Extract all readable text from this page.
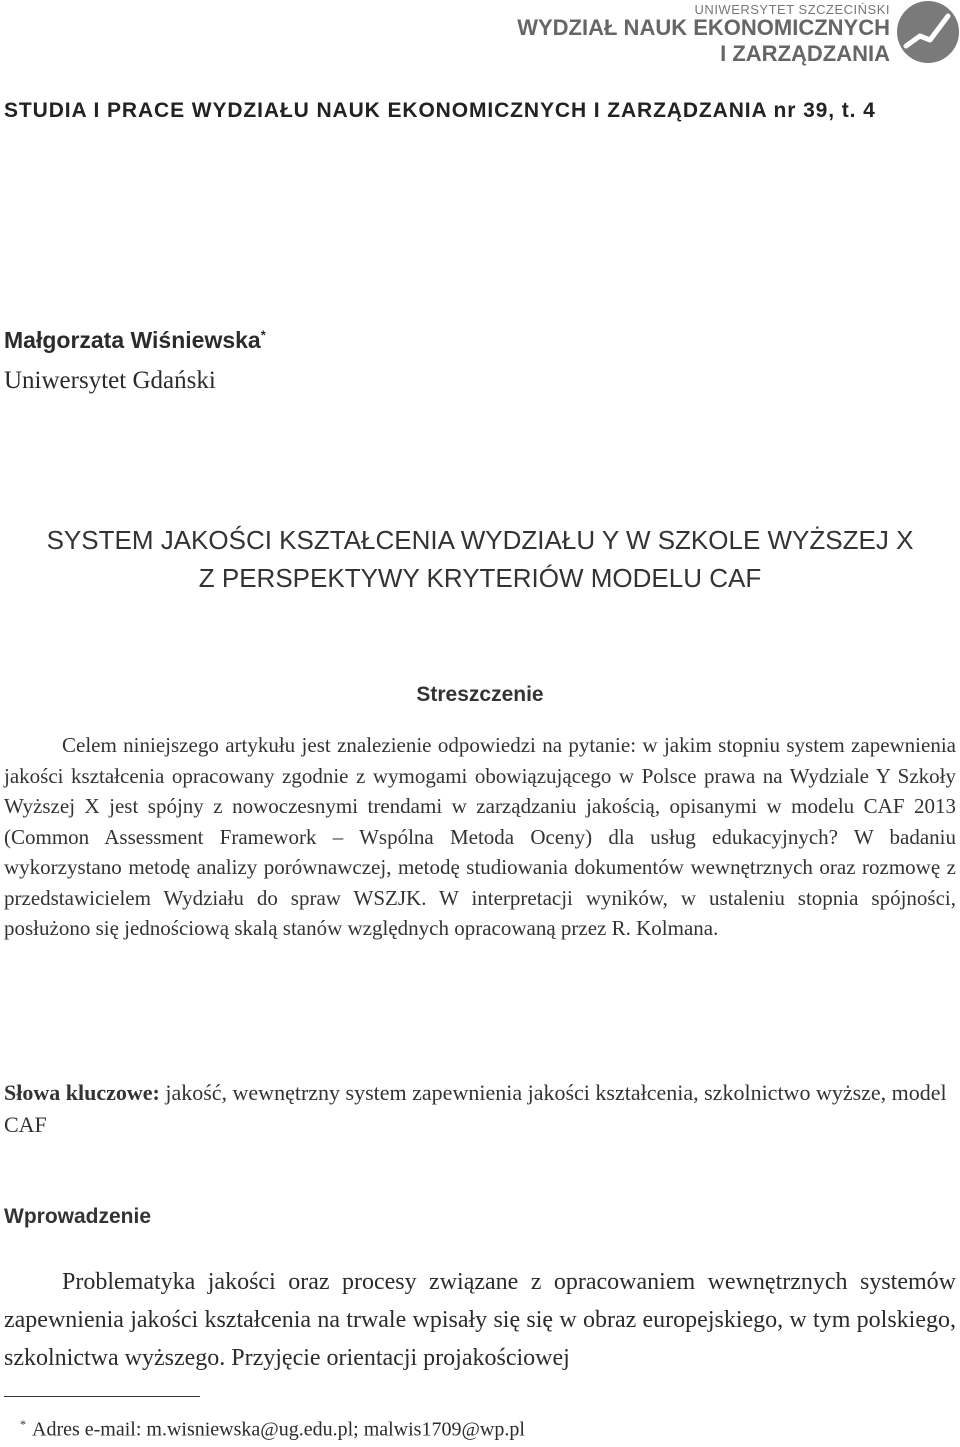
UNIWERSYTET SZCZECIŃSKI
WYDZIAŁ NAUK EKONOMICZNYCH
I ZARZĄDZANIA
STUDIA I PRACE WYDZIAŁU NAUK EKONOMICZNYCH I ZARZĄDZANIA nr 39, t. 4
Małgorzata Wiśniewska*
Uniwersytet Gdański
SYSTEM JAKOŚCI KSZTAŁCENIA WYDZIAŁU Y W SZKOLE WYŻSZEJ X
Z PERSPEKTYWY KRYTERIÓW MODELU CAF
Streszczenie

Celem niniejszego artykułu jest znalezienie odpowiedzi na pytanie: w jakim stopniu system zapewnienia jakości kształcenia opracowany zgodnie z wymogami obowiązującego w Polsce prawa na Wydziale Y Szkoły Wyższej X jest spójny z nowoczesnymi trendami w zarządzaniu jakością, opisanymi w modelu CAF 2013 (Common Assessment Framework – Wspólna Metoda Oceny) dla usług edukacyjnych? W badaniu wykorzystano metodę analizy porównawczej, metodę studiowania dokumentów wewnętrznych oraz rozmowę z przedstawicielem Wydziału do spraw WSZJK. W interpretacji wyników, w ustaleniu stopnia spójności, posłużono się jednościową skalą stanów względnych opracowaną przez R. Kolmana.

Słowa kluczowe: jakość, wewnętrzny system zapewnienia jakości kształcenia, szkolnictwo wyższe, model CAF
Wprowadzenie

Problematyka jakości oraz procesy związane z opracowaniem wewnętrznych systemów zapewnienia jakości kształcenia na trwale wpisały się się w obraz europejskiego, w tym polskiego, szkolnictwa wyższego. Przyjęcie orientacji projakościowej

* Adres e-mail: m.wisniewska@ug.edu.pl; malwis1709@wp.pl
